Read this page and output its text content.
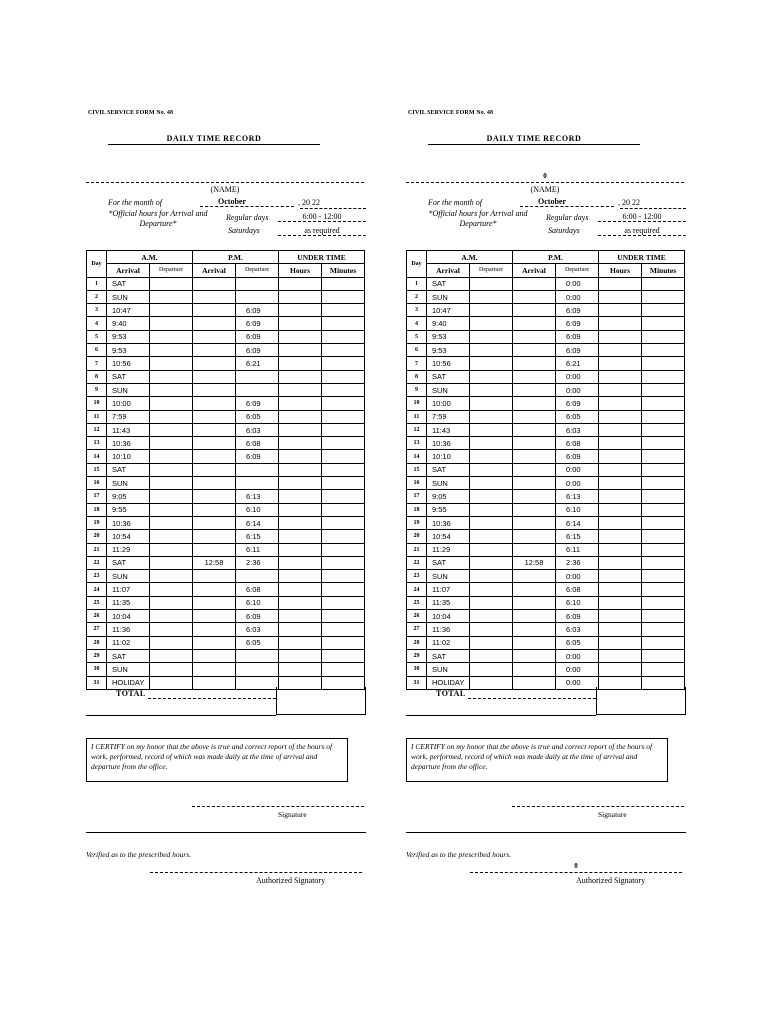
CIVIL SERVICE FORM No. 48
DAILY TIME RECORD
(NAME)
For the month of	October	, 20 22
*Official hours for Arrival and Departure*
Regular days	6:00 - 12:00
Saturdays	as required
Day	A.M.		P.M.		UNDER TIME	
	Arrival	Departure	Arrival	Departure	Hours	Minutes
1	SAT					
2	SUN					
3	10:47			6:09		
4	9:40			6:09		
5	9:53			6:09		
6	9:53			6:09		
7	10:56			6:21		
8	SAT					
9	SUN					
10	10:00			6:09		
11	7:59			6:05		
12	11:43			6:03		
13	10:36			6:08		
14	10:10			6:09		
15	SAT					
16	SUN					
17	9:05			6:13		
18	9:55			6:10		
19	10:36			6:14		
20	10:54			6:15		
21	11:29			6:11		
22	SAT		12:58	2:36		
23	SUN					
24	11:07			6:08		
25	11:35			6:10		
26	10:04			6:09		
27	11:36			6:03		
28	11:02			6:05		
29	SAT					
30	SUN					
31	HOLIDAY					
TOTAL
I CERTIFY on my honor that the above is true and correct report of the hours of work, performed, record of which was made daily at the time of arrival and departure from the office.
Signature
Verified as to the prescribed hours.
Authorized Signatory
CIVIL SERVICE FORM No. 48
DAILY TIME RECORD
0
(NAME)
For the month of	October	, 20 22
*Official hours for Arrival and Departure*
Regular days	6:00 - 12:00
Saturdays	as required
Day	A.M.		P.M.		UNDER TIME	
	Arrival	Departure	Arrival	Departure	Hours	Minutes
1	SAT			0:00		
2	SUN			0:00		
3	10:47			6:09		
4	9:40			6:09		
5	9:53			6:09		
6	9:53			6:09		
7	10:56			6:21		
8	SAT			0:00		
9	SUN			0:00		
10	10:00			6:09		
11	7:59			6:05		
12	11:43			6:03		
13	10:36			6:08		
14	10:10			6:09		
15	SAT			0:00		
16	SUN			0:00		
17	9:05			6:13		
18	9:55			6:10		
19	10:36			6:14		
20	10:54			6:15		
21	11:29			6:11		
22	SAT		12:58	2:36		
23	SUN			0:00		
24	11:07			6:08		
25	11:35			6:10		
26	10:04			6:09		
27	11:36			6:03		
28	11:02			6:05		
29	SAT			0:00		
30	SUN			0:00		
31	HOLIDAY			0:00		
TOTAL
I CERTIFY on my honor that the above is true and correct report of the hours of work, performed, record of which was made daily at the time of arrival and departure from the office.
Signature
Verified as to the prescribed hours.
0
Authorized Signatory
